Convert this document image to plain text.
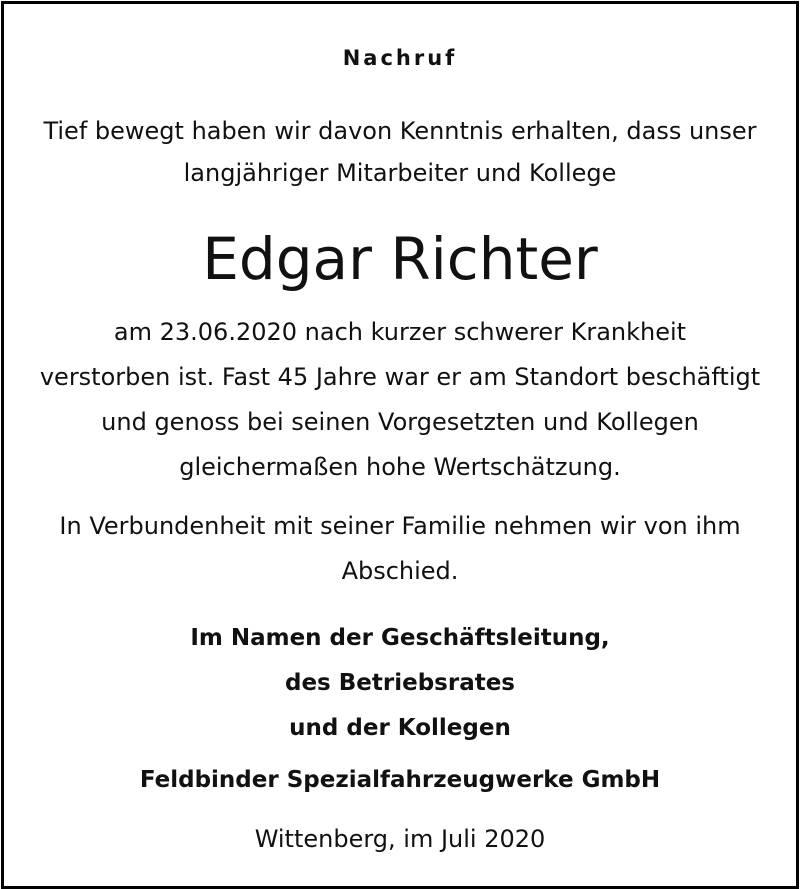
Nachruf
Tief bewegt haben wir davon Kenntnis erhalten, dass unser
langjähriger Mitarbeiter und Kollege
Edgar Richter
am 23.06.2020 nach kurzer schwerer Krankheit
verstorben ist. Fast 45 Jahre war er am Standort beschäftigt
und genoss bei seinen Vorgesetzten und Kollegen
gleichermaßen hohe Wertschätzung.
In Verbundenheit mit seiner Familie nehmen wir von ihm
Abschied.
Im Namen der Geschäftsleitung,
des Betriebsrates
und der Kollegen
Feldbinder Spezialfahrzeugwerke GmbH
Wittenberg, im Juli 2020
